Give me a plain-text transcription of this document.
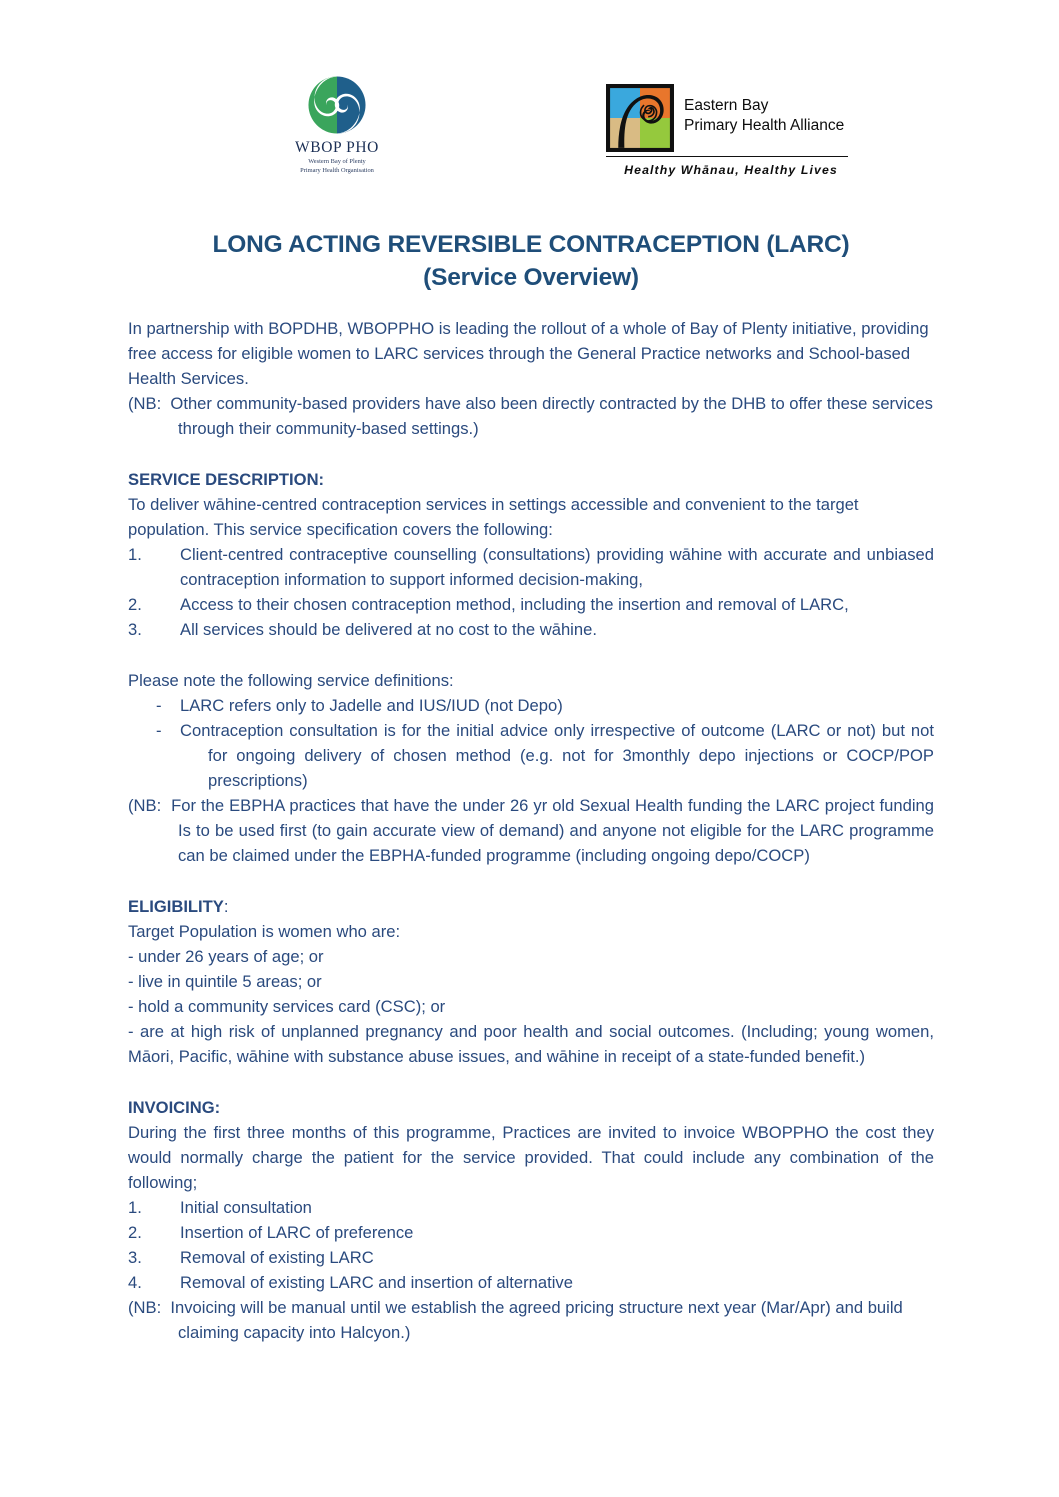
WBOP PHO
Western Bay of Plenty
Primary Health Organisation
Eastern Bay
Primary Health Alliance
Healthy Whānau, Healthy Lives
LONG ACTING REVERSIBLE CONTRACEPTION (LARC)
(Service Overview)

In partnership with BOPDHB, WBOPPHO is leading the rollout of a whole of Bay of Plenty initiative, providing free access for eligible women to LARC services through the General Practice networks and School-based Health Services.

(NB: Other community-based providers have also been directly contracted by the DHB to offer these services through their community-based settings.)

SERVICE DESCRIPTION:

To deliver wāhine-centred contraception services in settings accessible and convenient to the target population. This service specification covers the following:

1. Client-centred contraceptive counselling (consultations) providing wāhine with accurate and unbiased contraception information to support informed decision-making,

2. Access to their chosen contraception method, including the insertion and removal of LARC,

3. All services should be delivered at no cost to the wāhine.

Please note the following service definitions:

- LARC refers only to Jadelle and IUS/IUD (not Depo)

- Contraception consultation is for the initial advice only irrespective of outcome (LARC or not) but not for ongoing delivery of chosen method (e.g. not for 3monthly depo injections or COCP/POP prescriptions)

(NB: For the EBPHA practices that have the under 26 yr old Sexual Health funding the LARC project funding Is to be used first (to gain accurate view of demand) and anyone not eligible for the LARC programme can be claimed under the EBPHA-funded programme (including ongoing depo/COCP)

ELIGIBILITY:

Target Population is women who are:

- under 26 years of age; or

- live in quintile 5 areas; or

- hold a community services card (CSC); or

- are at high risk of unplanned pregnancy and poor health and social outcomes. (Including; young women, Māori, Pacific, wāhine with substance abuse issues, and wāhine in receipt of a state-funded benefit.)

INVOICING:

During the first three months of this programme, Practices are invited to invoice WBOPPHO the cost they would normally charge the patient for the service provided. That could include any combination of the following;

1. Initial consultation

2. Insertion of LARC of preference

3. Removal of existing LARC

4. Removal of existing LARC and insertion of alternative

(NB: Invoicing will be manual until we establish the agreed pricing structure next year (Mar/Apr) and build claiming capacity into Halcyon.)
